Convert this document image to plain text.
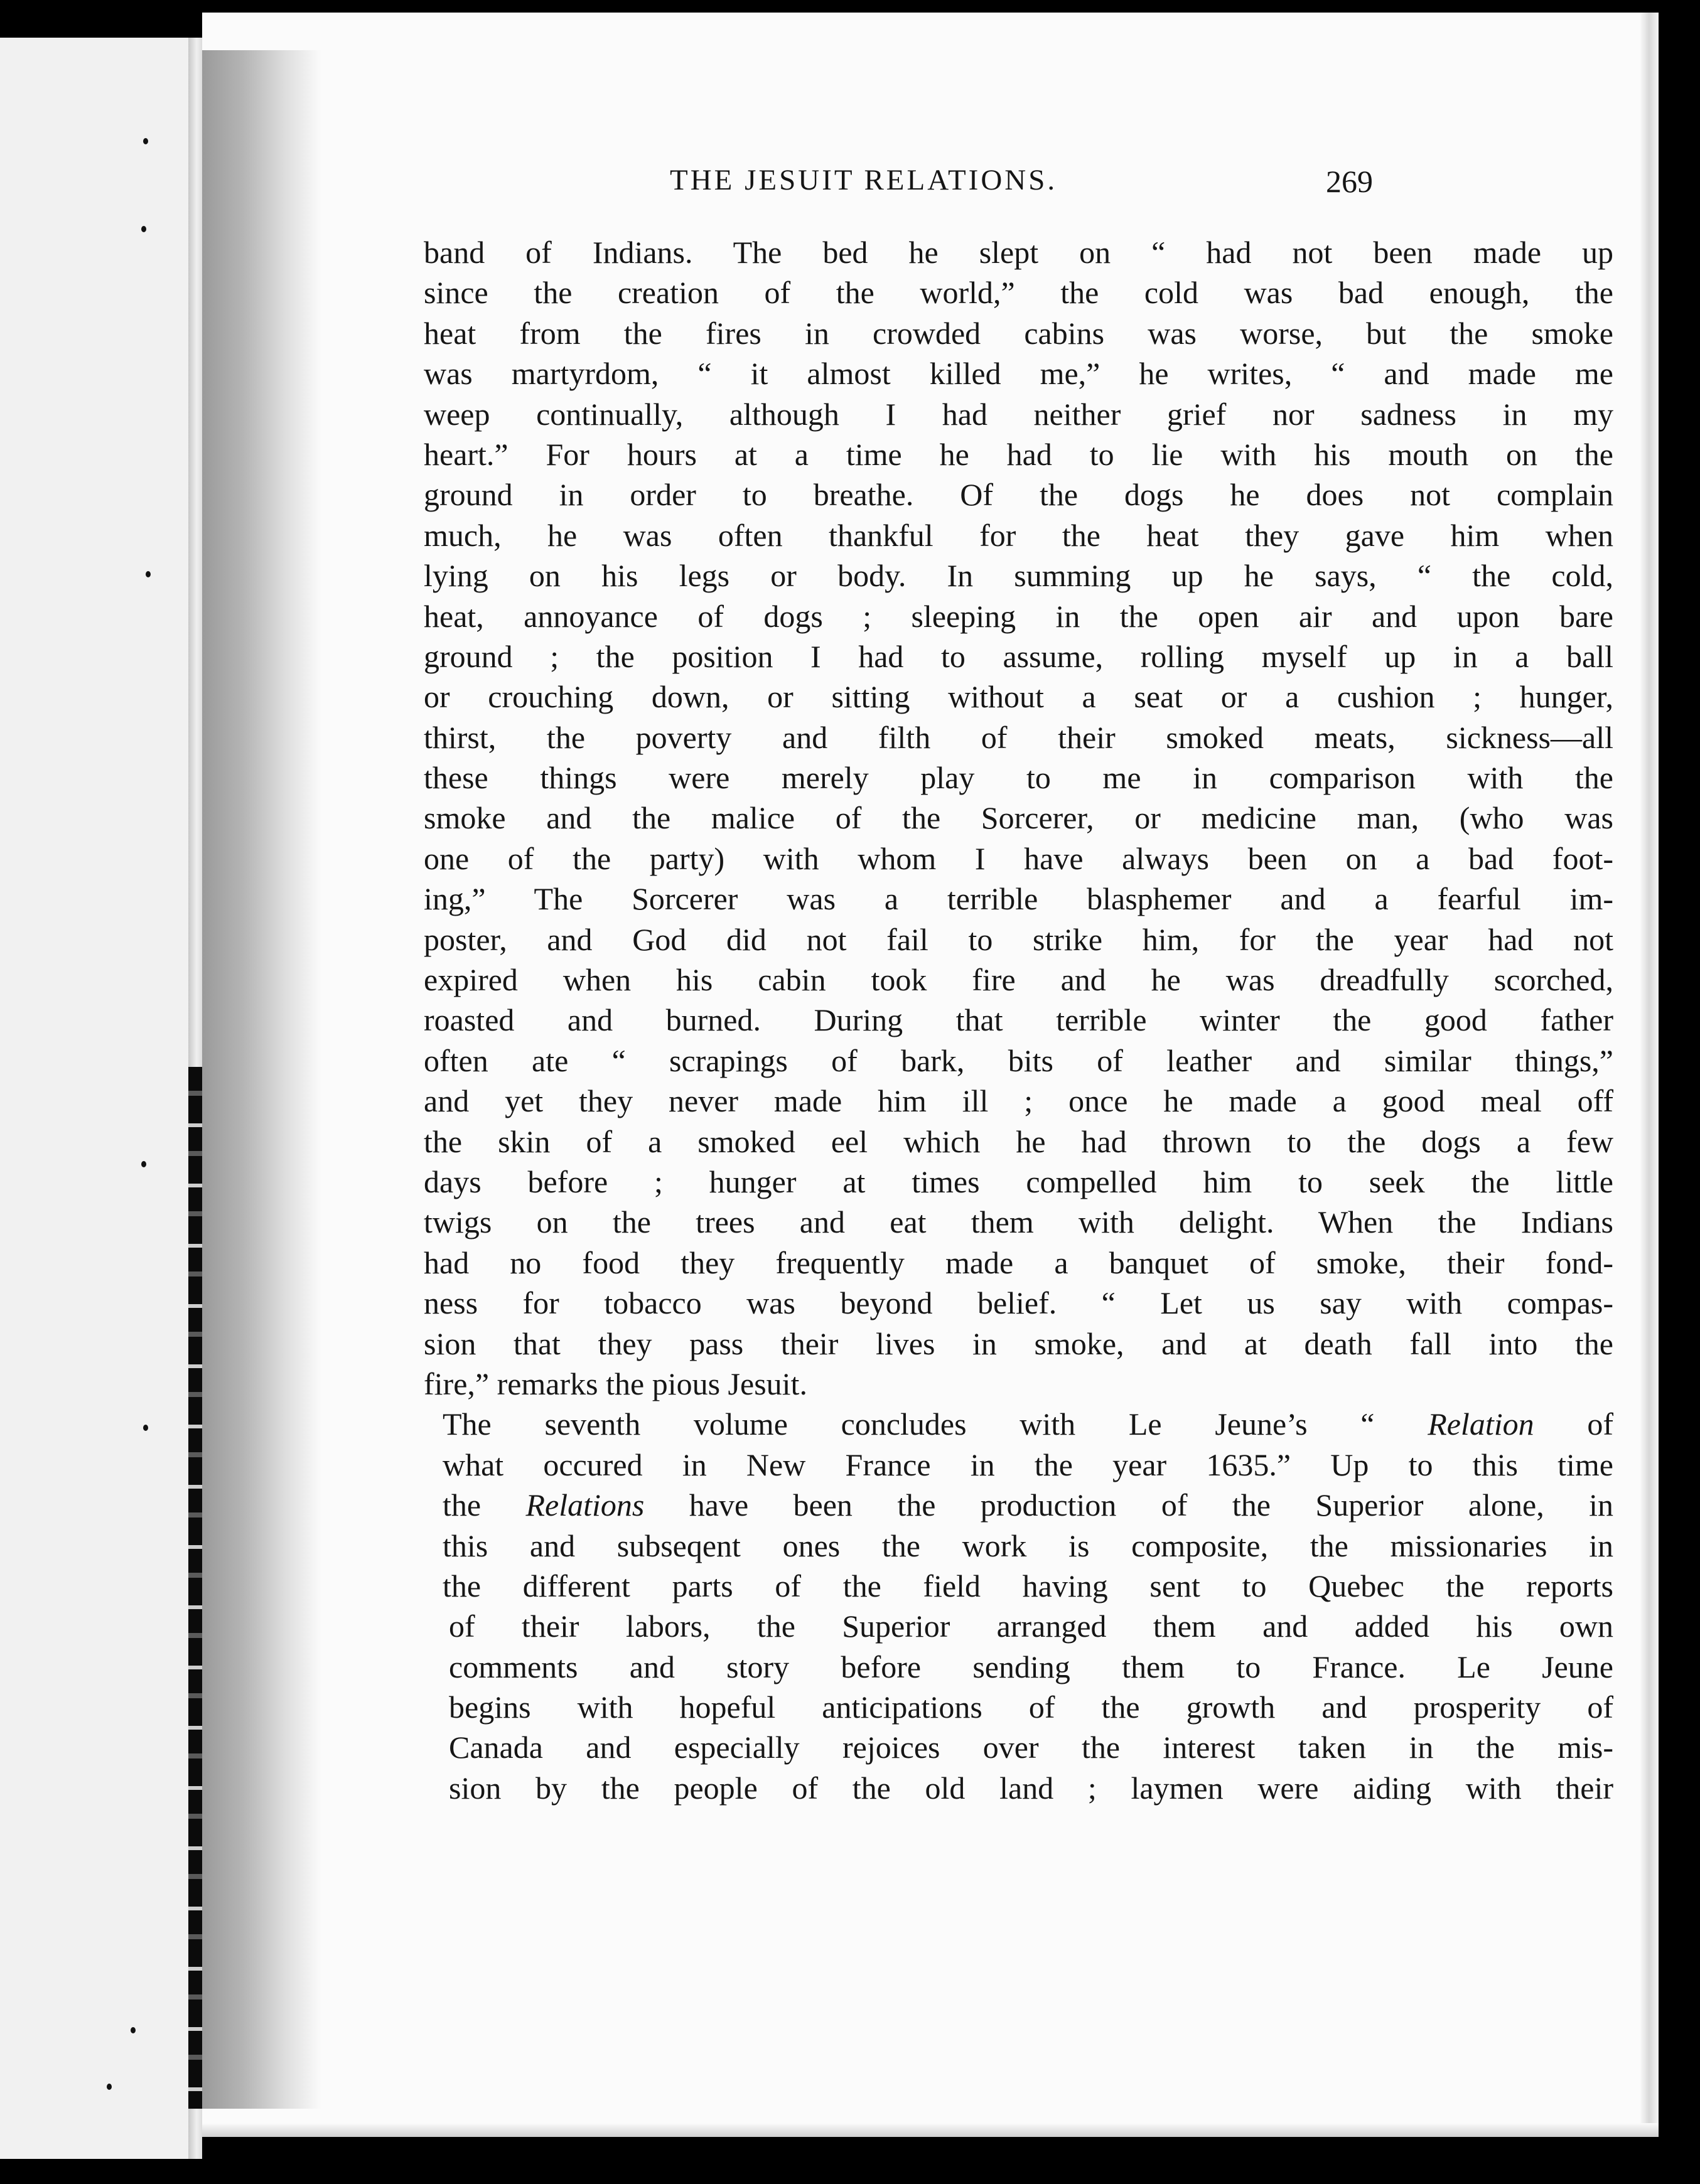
THE JESUIT RELATIONS.	269
band of Indians. The bed he slept on “ had not been made up
since the creation of the world,” the cold was bad enough, the
heat from the fires in crowded cabins was worse, but the smoke
was martyrdom, “ it almost killed me,” he writes, “ and made me
weep continually, although I had neither grief nor sadness in my
heart.” For hours at a time he had to lie with his mouth on the
ground in order to breathe. Of the dogs he does not complain
much, he was often thankful for the heat they gave him when
lying on his legs or body. In summing up he says, “ the cold,
heat, annoyance of dogs ; sleeping in the open air and upon bare
ground ; the position I had to assume, rolling myself up in a ball
or crouching down, or sitting without a seat or a cushion ; hunger,
thirst, the poverty and filth of their smoked meats, sickness—all
these things were merely play to me in comparison with the
smoke and the malice of the Sorcerer, or medicine man, (who was
one of the party) with whom I have always been on a bad foot-
ing,” The Sorcerer was a terrible blasphemer and a fearful im-
poster, and God did not fail to strike him, for the year had not
expired when his cabin took fire and he was dreadfully scorched,
roasted and burned. During that terrible winter the good father
often ate “ scrapings of bark, bits of leather and similar things,”
and yet they never made him ill ; once he made a good meal off
the skin of a smoked eel which he had thrown to the dogs a few
days before ; hunger at times compelled him to seek the little
twigs on the trees and eat them with delight. When the Indians
had no food they frequently made a banquet of smoke, their fond-
ness for tobacco was beyond belief. “ Let us say with compas-
sion that they pass their lives in smoke, and at death fall into the
fire,” remarks the pious Jesuit.
The seventh volume concludes with Le Jeune’s “ Relation of
what occured in New France in the year 1635.” Up to this time
the Relations have been the production of the Superior alone, in
this and subseqent ones the work is composite, the missionaries in
the different parts of the field having sent to Quebec the reports
of their labors, the Superior arranged them and added his own
comments and story before sending them to France. Le Jeune
begins with hopeful anticipations of the growth and prosperity of
Canada and especially rejoices over the interest taken in the mis-
sion by the people of the old land ; laymen were aiding with their
